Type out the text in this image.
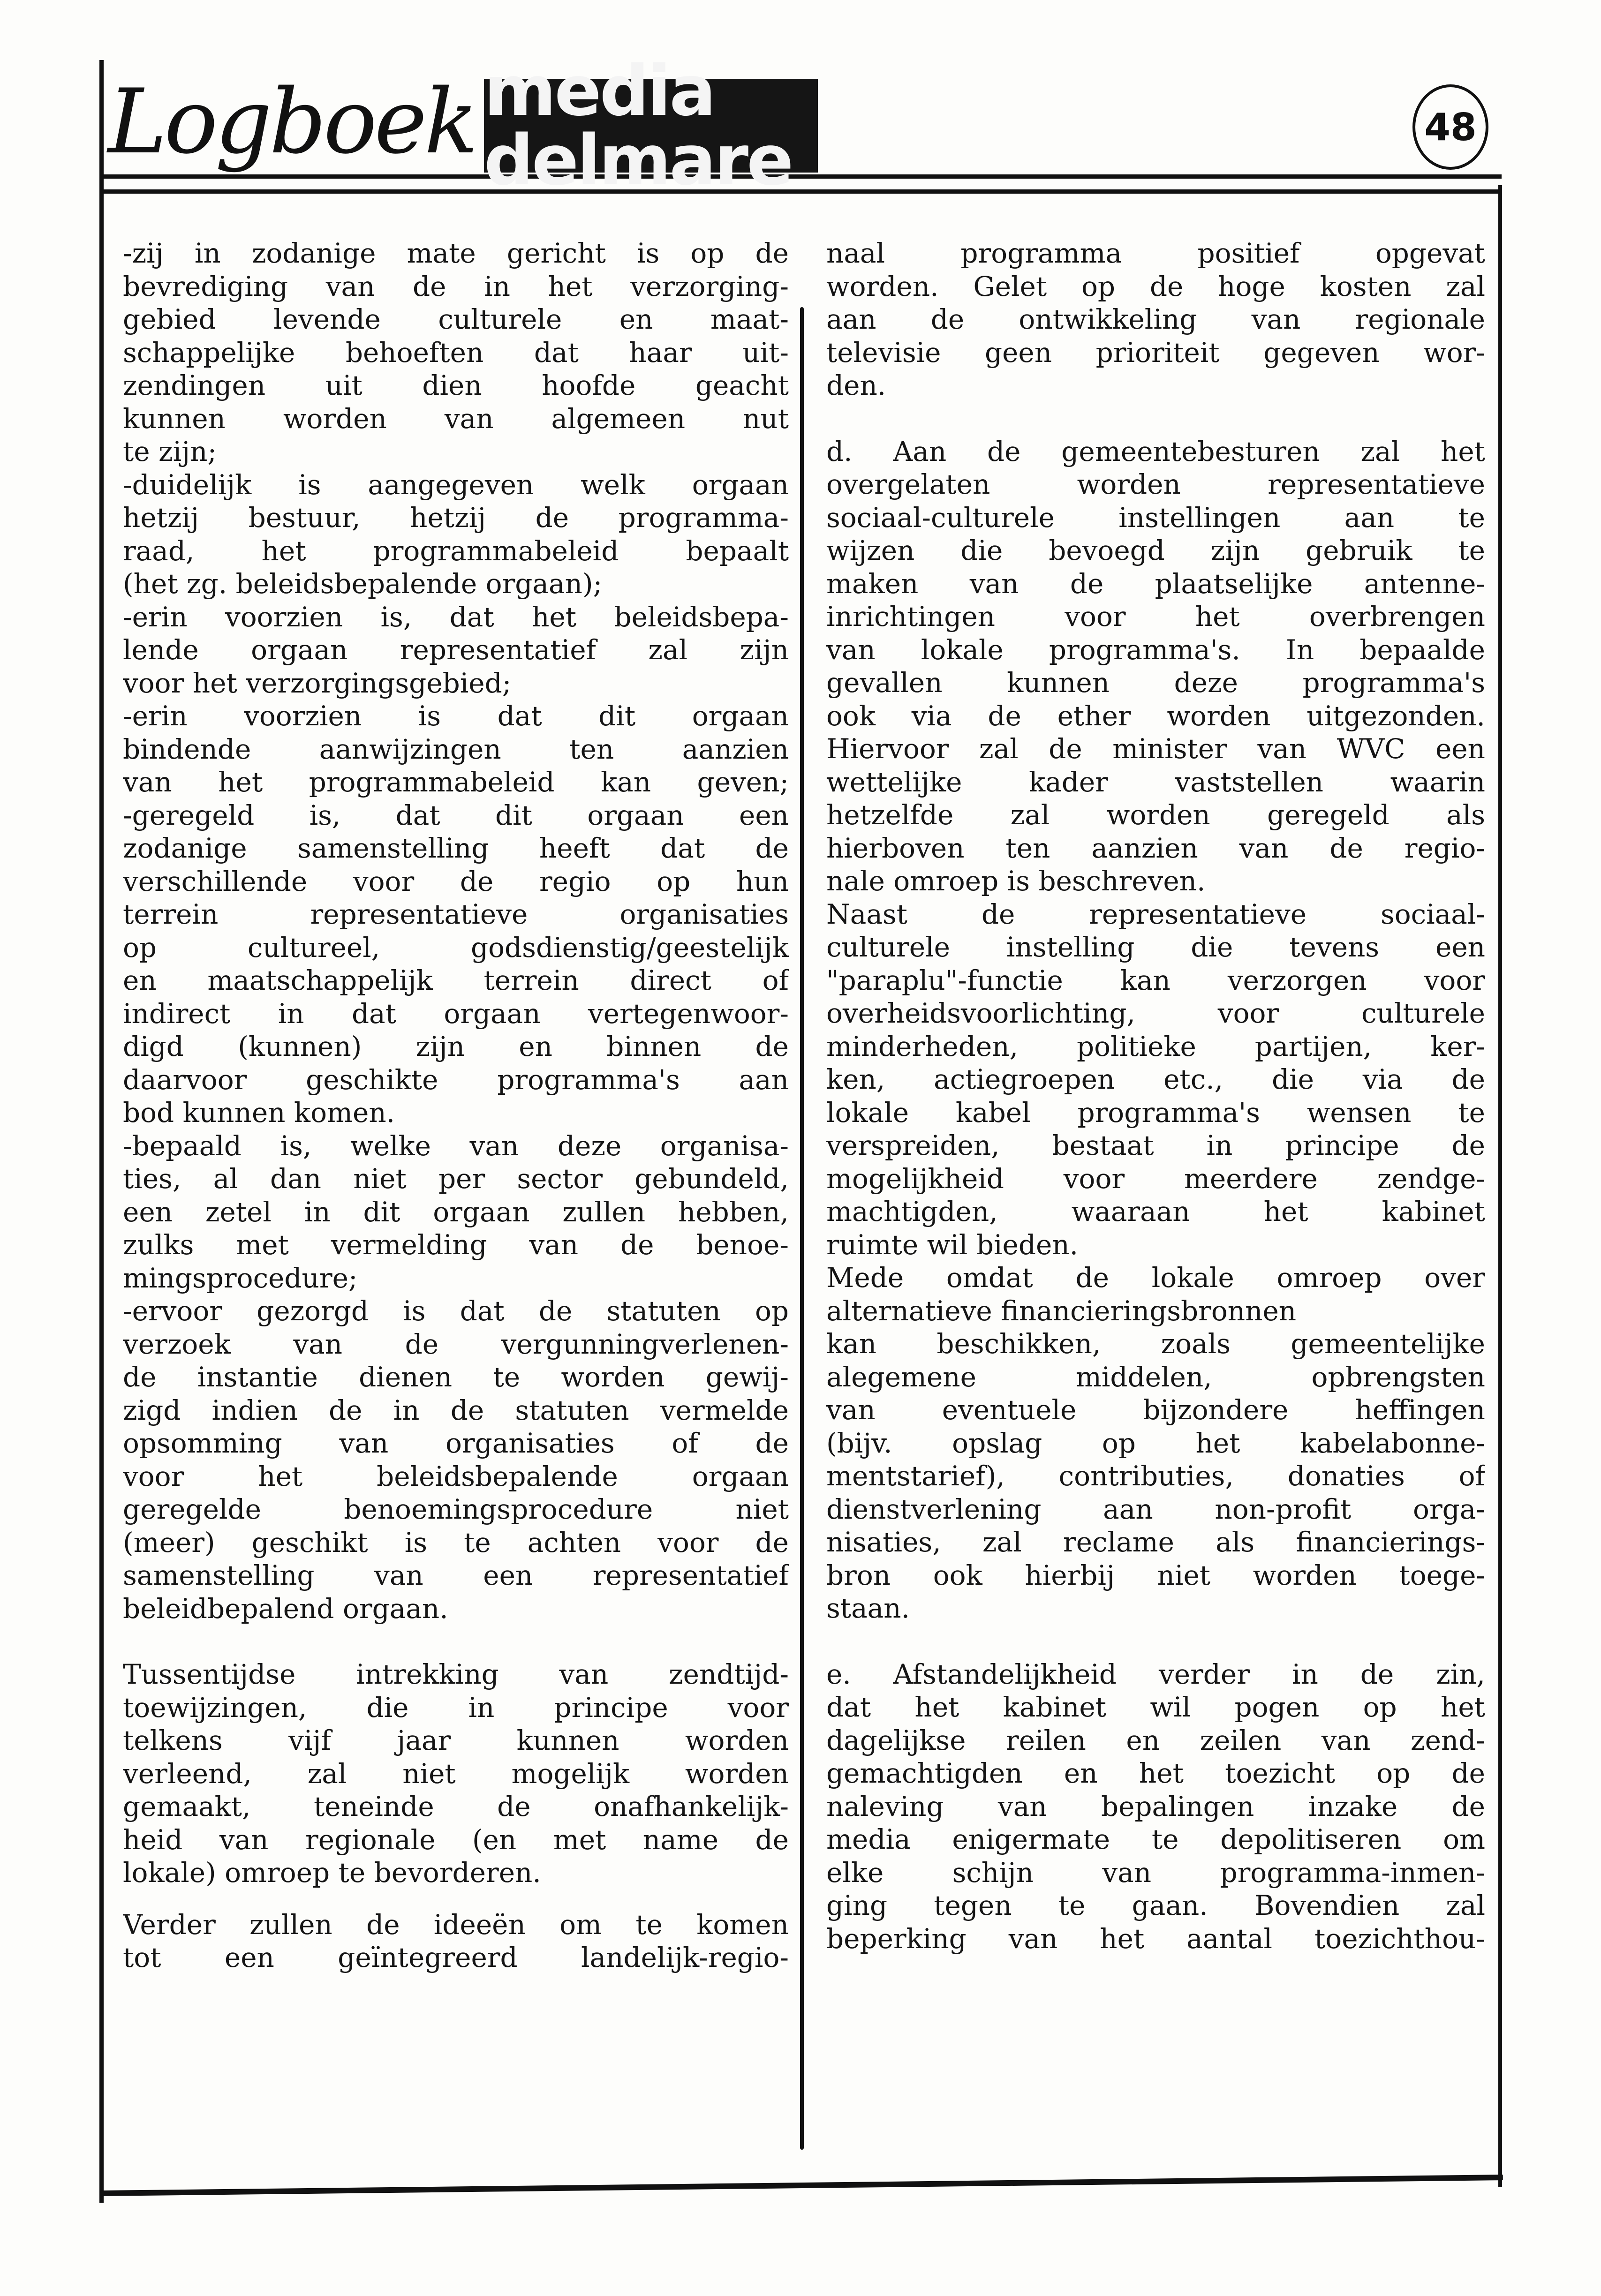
Logboek media delmare	48
-zij in zodanige mate gericht is op de
bevrediging van de in het verzorging-
gebied levende culturele en maat-
schappelijke behoeften dat haar uit-
zendingen uit dien hoofde geacht
kunnen worden van algemeen nut
te zijn;
-duidelijk is aangegeven welk orgaan
hetzij bestuur, hetzij de programma-
raad, het programmabeleid bepaalt
(het zg. beleidsbepalende orgaan);
-erin voorzien is, dat het beleidsbepa-
lende orgaan representatief zal zijn
voor het verzorgingsgebied;
-erin voorzien is dat dit orgaan
bindende aanwijzingen ten aanzien
van het programmabeleid kan geven;
-geregeld is, dat dit orgaan een
zodanige samenstelling heeft dat de
verschillende voor de regio op hun
terrein representatieve organisaties
op cultureel, godsdienstig/geestelijk
en maatschappelijk terrein direct of
indirect in dat orgaan vertegenwoor-
digd (kunnen) zijn en binnen de
daarvoor geschikte programma's aan
bod kunnen komen.
-bepaald is, welke van deze organisa-
ties, al dan niet per sector gebundeld,
een zetel in dit orgaan zullen hebben,
zulks met vermelding van de benoe-
mingsprocedure;
-ervoor gezorgd is dat de statuten op
verzoek van de vergunningverlenen-
de instantie dienen te worden gewij-
zigd indien de in de statuten vermelde
opsomming van organisaties of de
voor het beleidsbepalende orgaan
geregelde benoemingsprocedure niet
(meer) geschikt is te achten voor de
samenstelling van een representatief
beleidbepalend orgaan.
Tussentijdse intrekking van zendtijd-
toewijzingen, die in principe voor
telkens vijf jaar kunnen worden
verleend, zal niet mogelijk worden
gemaakt, teneinde de onafhankelijk-
heid van regionale (en met name de
lokale) omroep te bevorderen.
Verder zullen de ideeën om te komen
tot een geïntegreerd landelijk-regio-
naal programma positief opgevat
worden. Gelet op de hoge kosten zal
aan de ontwikkeling van regionale
televisie geen prioriteit gegeven wor-
den.
d. Aan de gemeentebesturen zal het
overgelaten worden representatieve
sociaal-culturele instellingen aan te
wijzen die bevoegd zijn gebruik te
maken van de plaatselijke antenne-
inrichtingen voor het overbrengen
van lokale programma's. In bepaalde
gevallen kunnen deze programma's
ook via de ether worden uitgezonden.
Hiervoor zal de minister van WVC een
wettelijke kader vaststellen waarin
hetzelfde zal worden geregeld als
hierboven ten aanzien van de regio-
nale omroep is beschreven.
Naast de representatieve sociaal-
culturele instelling die tevens een
"paraplu"-functie kan verzorgen voor
overheidsvoorlichting, voor culturele
minderheden, politieke partijen, ker-
ken, actiegroepen etc., die via de
lokale kabel programma's wensen te
verspreiden, bestaat in principe de
mogelijkheid voor meerdere zendge-
machtigden, waaraan het kabinet
ruimte wil bieden.
Mede omdat de lokale omroep over
alternatieve financieringsbronnen
kan beschikken, zoals gemeentelijke
alegemene middelen, opbrengsten
van eventuele bijzondere heffingen
(bijv. opslag op het kabelabonne-
mentstarief), contributies, donaties of
dienstverlening aan non-profit orga-
nisaties, zal reclame als financierings-
bron ook hierbij niet worden toege-
staan.
e. Afstandelijkheid verder in de zin,
dat het kabinet wil pogen op het
dagelijkse reilen en zeilen van zend-
gemachtigden en het toezicht op de
naleving van bepalingen inzake de
media enigermate te depolitiseren om
elke schijn van programma-inmen-
ging tegen te gaan. Bovendien zal
beperking van het aantal toezichthou-
